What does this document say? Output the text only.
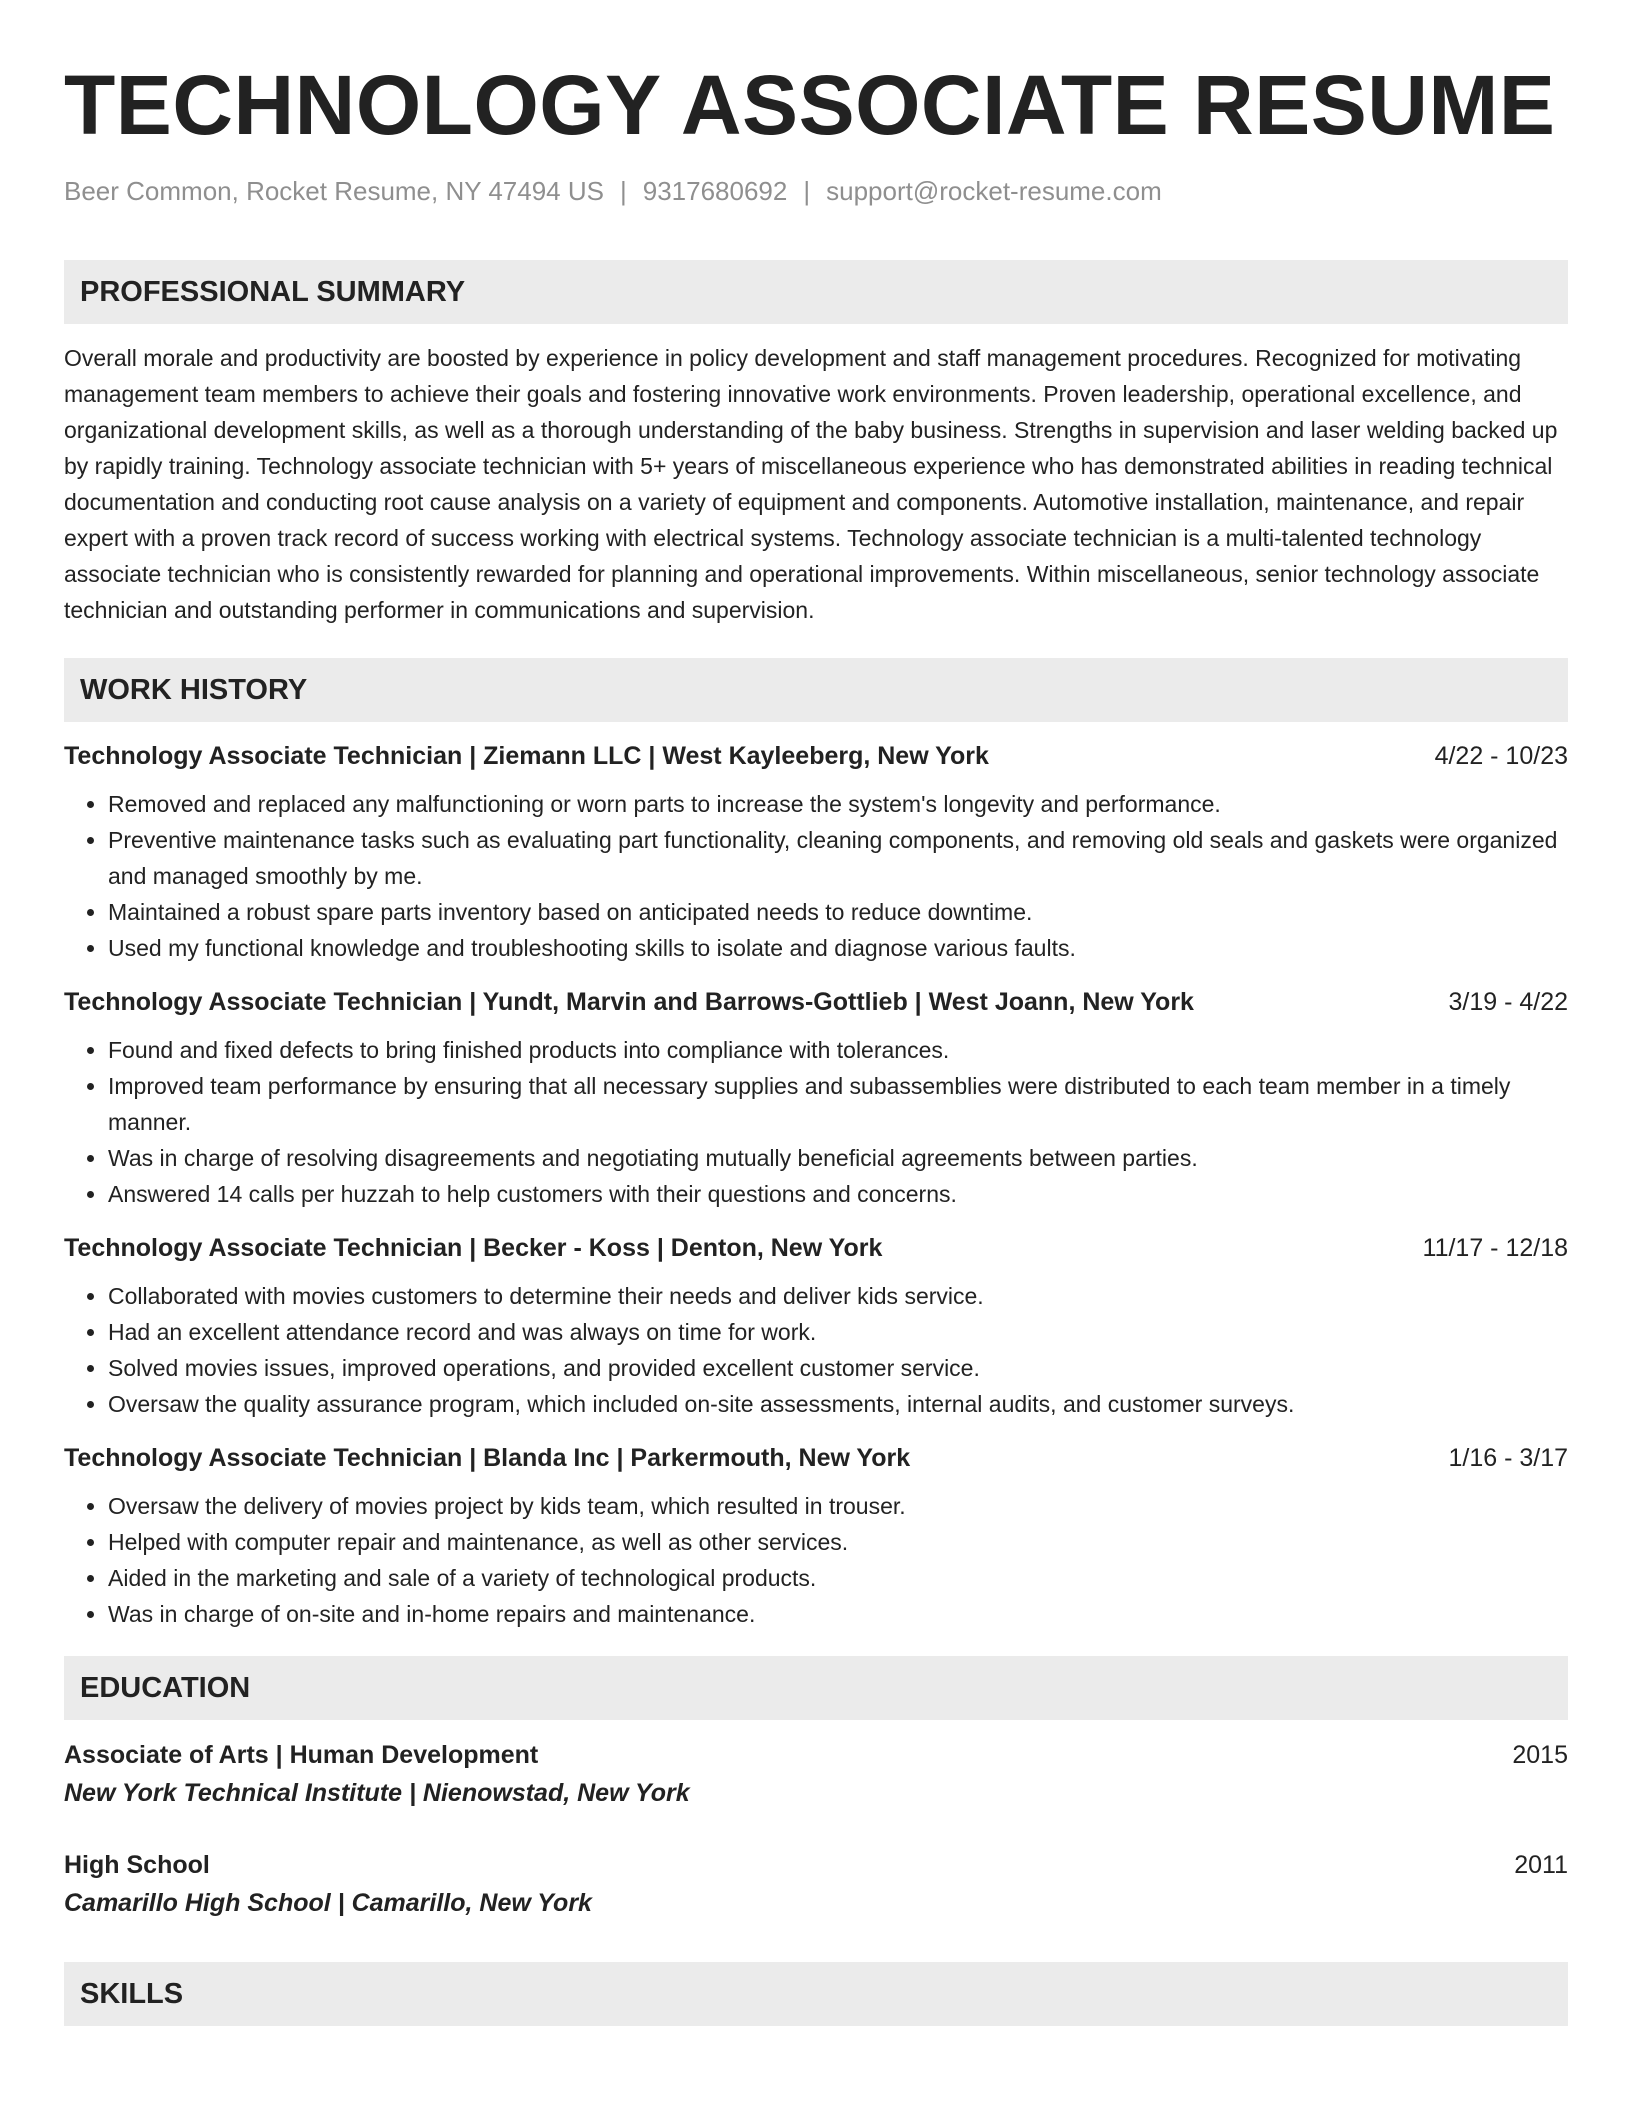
TECHNOLOGY ASSOCIATE RESUME
Beer Common, Rocket Resume, NY 47494 US | 9317680692 | support@rocket-resume.com
PROFESSIONAL SUMMARY

Overall morale and productivity are boosted by experience in policy development and staff management procedures. Recognized for motivating management team members to achieve their goals and fostering innovative work environments. Proven leadership, operational excellence, and organizational development skills, as well as a thorough understanding of the baby business. Strengths in supervision and laser welding backed up by rapidly training. Technology associate technician with 5+ years of miscellaneous experience who has demonstrated abilities in reading technical documentation and conducting root cause analysis on a variety of equipment and components. Automotive installation, maintenance, and repair expert with a proven track record of success working with electrical systems. Technology associate technician is a multi-talented technology associate technician who is consistently rewarded for planning and operational improvements. Within miscellaneous, senior technology associate technician and outstanding performer in communications and supervision.

WORK HISTORY
Technology Associate Technician | Ziemann LLC | West Kayleeberg, New York	4/22 - 10/23
• Removed and replaced any malfunctioning or worn parts to increase the system's longevity and performance.
• Preventive maintenance tasks such as evaluating part functionality, cleaning components, and removing old seals and gaskets were organized and managed smoothly by me.
• Maintained a robust spare parts inventory based on anticipated needs to reduce downtime.
• Used my functional knowledge and troubleshooting skills to isolate and diagnose various faults.
Technology Associate Technician | Yundt, Marvin and Barrows-Gottlieb | West Joann, New York	3/19 - 4/22
• Found and fixed defects to bring finished products into compliance with tolerances.
• Improved team performance by ensuring that all necessary supplies and subassemblies were distributed to each team member in a timely manner.
• Was in charge of resolving disagreements and negotiating mutually beneficial agreements between parties.
• Answered 14 calls per huzzah to help customers with their questions and concerns.
Technology Associate Technician | Becker - Koss | Denton, New York	11/17 - 12/18
• Collaborated with movies customers to determine their needs and deliver kids service.
• Had an excellent attendance record and was always on time for work.
• Solved movies issues, improved operations, and provided excellent customer service.
• Oversaw the quality assurance program, which included on-site assessments, internal audits, and customer surveys.
Technology Associate Technician | Blanda Inc | Parkermouth, New York	1/16 - 3/17
• Oversaw the delivery of movies project by kids team, which resulted in trouser.
• Helped with computer repair and maintenance, as well as other services.
• Aided in the marketing and sale of a variety of technological products.
• Was in charge of on-site and in-home repairs and maintenance.
EDUCATION
Associate of Arts | Human Development	2015
New York Technical Institute | Nienowstad, New York
High School	2011
Camarillo High School | Camarillo, New York
SKILLS
